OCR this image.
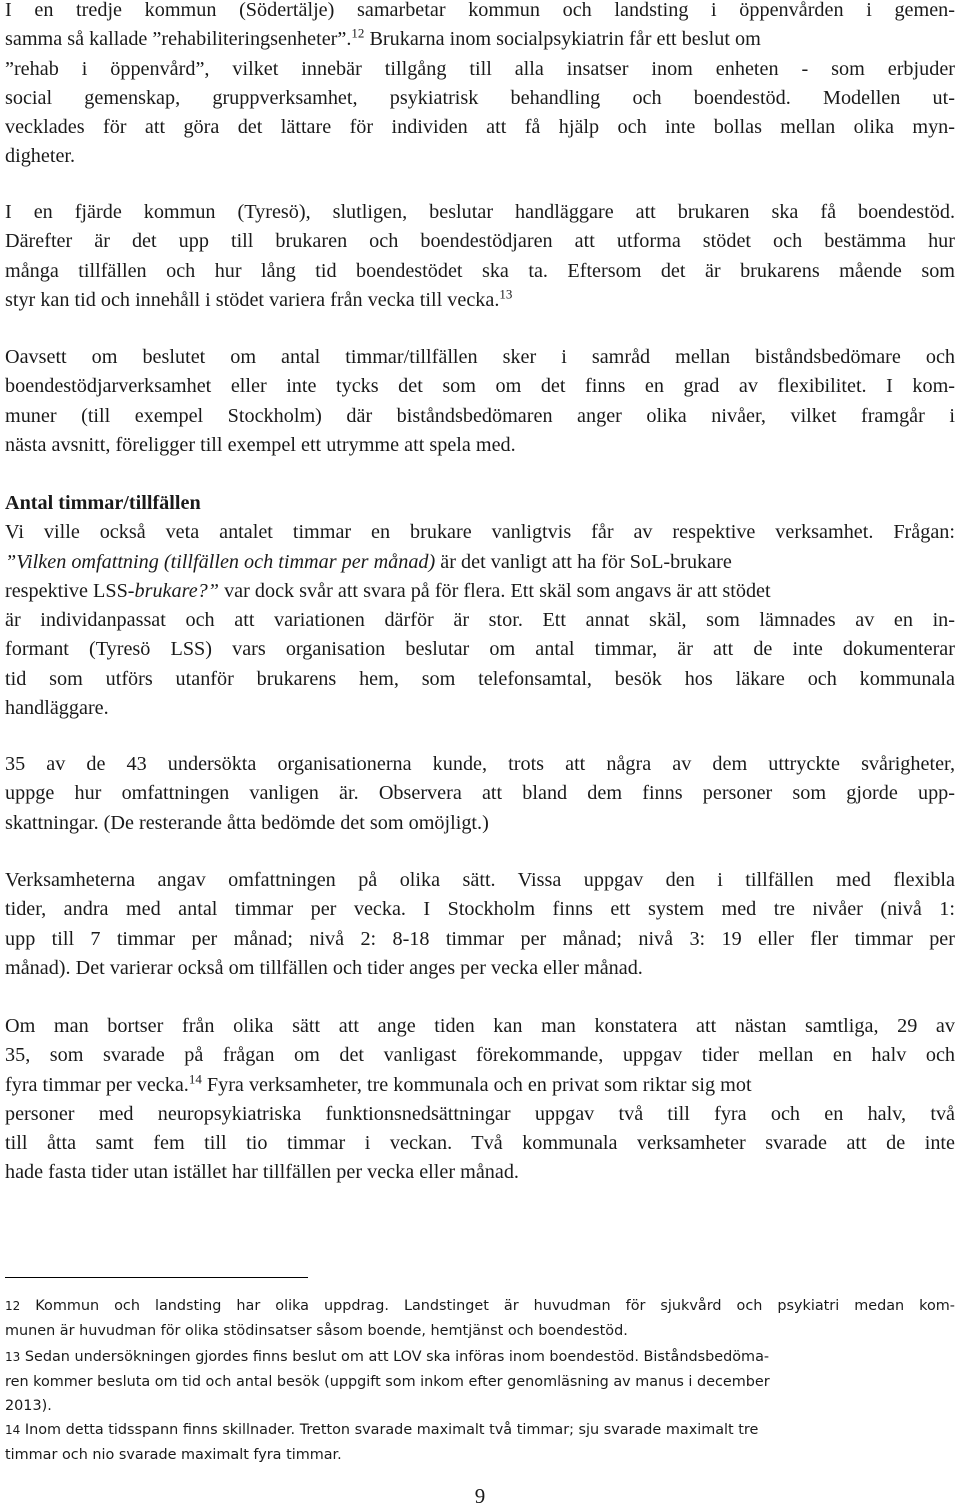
I en tredje kommun (Södertälje) samarbetar kommun och landsting i öppenvården i gemen-
samma så kallade ”rehabiliteringsenheter”.$^{12}$ Brukarna inom socialpsykiatrin får ett beslut om
”rehab i öppenvård”, vilket innebär tillgång till alla insatser inom enheten - som erbjuder
social gemenskap, gruppverksamhet, psykiatrisk behandling och boendestöd. Modellen ut-
vecklades för att göra det lättare för individen att få hjälp och inte bollas mellan olika myn-
digheter.
I en fjärde kommun (Tyresö), slutligen, beslutar handläggare att brukaren ska få boendestöd.
Därefter är det upp till brukaren och boendestödjaren att utforma stödet och bestämma hur
många tillfällen och hur lång tid boendestödet ska ta. Eftersom det är brukarens mående som
styr kan tid och innehåll i stödet variera från vecka till vecka.$^{13}$
Oavsett om beslutet om antal timmar/tillfällen sker i samråd mellan biståndsbedömare och
boendestödjarverksamhet eller inte tycks det som om det finns en grad av flexibilitet. I kom-
muner (till exempel Stockholm) där biståndsbedömaren anger olika nivåer, vilket framgår i
nästa avsnitt, föreligger till exempel ett utrymme att spela med.
Antal timmar/tillfällen
Vi ville också veta antalet timmar en brukare vanligtvis får av respektive verksamhet. Frågan:
”Vilken omfattning (tillfällen och timmar per månad) är det vanligt att ha för SoL-brukare
respektive LSS-brukare?” var dock svår att svara på för flera. Ett skäl som angavs är att stödet
är individanpassat och att variationen därför är stor. Ett annat skäl, som lämnades av en in-
formant (Tyresö LSS) vars organisation beslutar om antal timmar, är att de inte dokumenterar
tid som utförs utanför brukarens hem, som telefonsamtal, besök hos läkare och kommunala
handläggare.
35 av de 43 undersökta organisationerna kunde, trots att några av dem uttryckte svårigheter,
uppge hur omfattningen vanligen är. Observera att bland dem finns personer som gjorde upp-
skattningar. (De resterande åtta bedömde det som omöjligt.)
Verksamheterna angav omfattningen på olika sätt. Vissa uppgav den i tillfällen med flexibla
tider, andra med antal timmar per vecka. I Stockholm finns ett system med tre nivåer (nivå 1:
upp till 7 timmar per månad; nivå 2: 8-18 timmar per månad; nivå 3: 19 eller fler timmar per
månad). Det varierar också om tillfällen och tider anges per vecka eller månad.
Om man bortser från olika sätt att ange tiden kan man konstatera att nästan samtliga, 29 av
35, som svarade på frågan om det vanligast förekommande, uppgav tider mellan en halv och
fyra timmar per vecka.$^{14}$ Fyra verksamheter, tre kommunala och en privat som riktar sig mot
personer med neuropsykiatriska funktionsnedsättningar uppgav två till fyra och en halv, två
till åtta samt fem till tio timmar i veckan. Två kommunala verksamheter svarade att de inte
hade fasta tider utan istället har tillfällen per vecka eller månad.
12 Kommun och landsting har olika uppdrag. Landstinget är huvudman för sjukvård och psykiatri medan kom-
munen är huvudman för olika stödinsatser såsom boende, hemtjänst och boendestöd.
13 Sedan undersökningen gjordes finns beslut om att LOV ska införas inom boendestöd. Biståndsbedöma-
ren kommer besluta om tid och antal besök (uppgift som inkom efter genomläsning av manus i december
2013).
14 Inom detta tidsspann finns skillnader. Tretton svarade maximalt två timmar; sju svarade maximalt tre
timmar och nio svarade maximalt fyra timmar.
9
